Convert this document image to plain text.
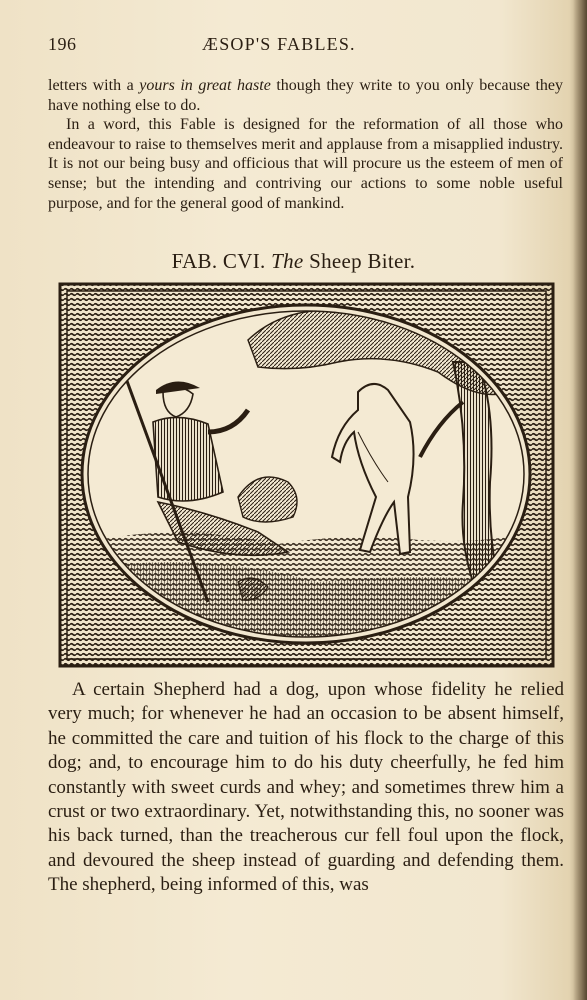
196	ÆSOP'S FABLES.

letters with a yours in great haste though they write to you only because they have nothing else to do.

In a word, this Fable is designed for the reformation of all those who endeavour to raise to themselves merit and applause from a misapplied industry. It is not our being busy and officious that will procure us the esteem of men of sense; but the intending and contriving our actions to some noble useful purpose, and for the general good of mankind.

FAB. CVI. The Sheep Biter.

A certain Shepherd had a dog, upon whose fidelity he relied very much; for whenever he had an occasion to be absent himself, he committed the care and tuition of his flock to the charge of this dog; and, to encourage him to do his duty cheerfully, he fed him constantly with sweet curds and whey; and sometimes threw him a crust or two extraordinary. Yet, notwithstanding this, no sooner was his back turned, than the treacherous cur fell foul upon the flock, and devoured the sheep instead of guarding and defending them. The shepherd, being informed of this, was
